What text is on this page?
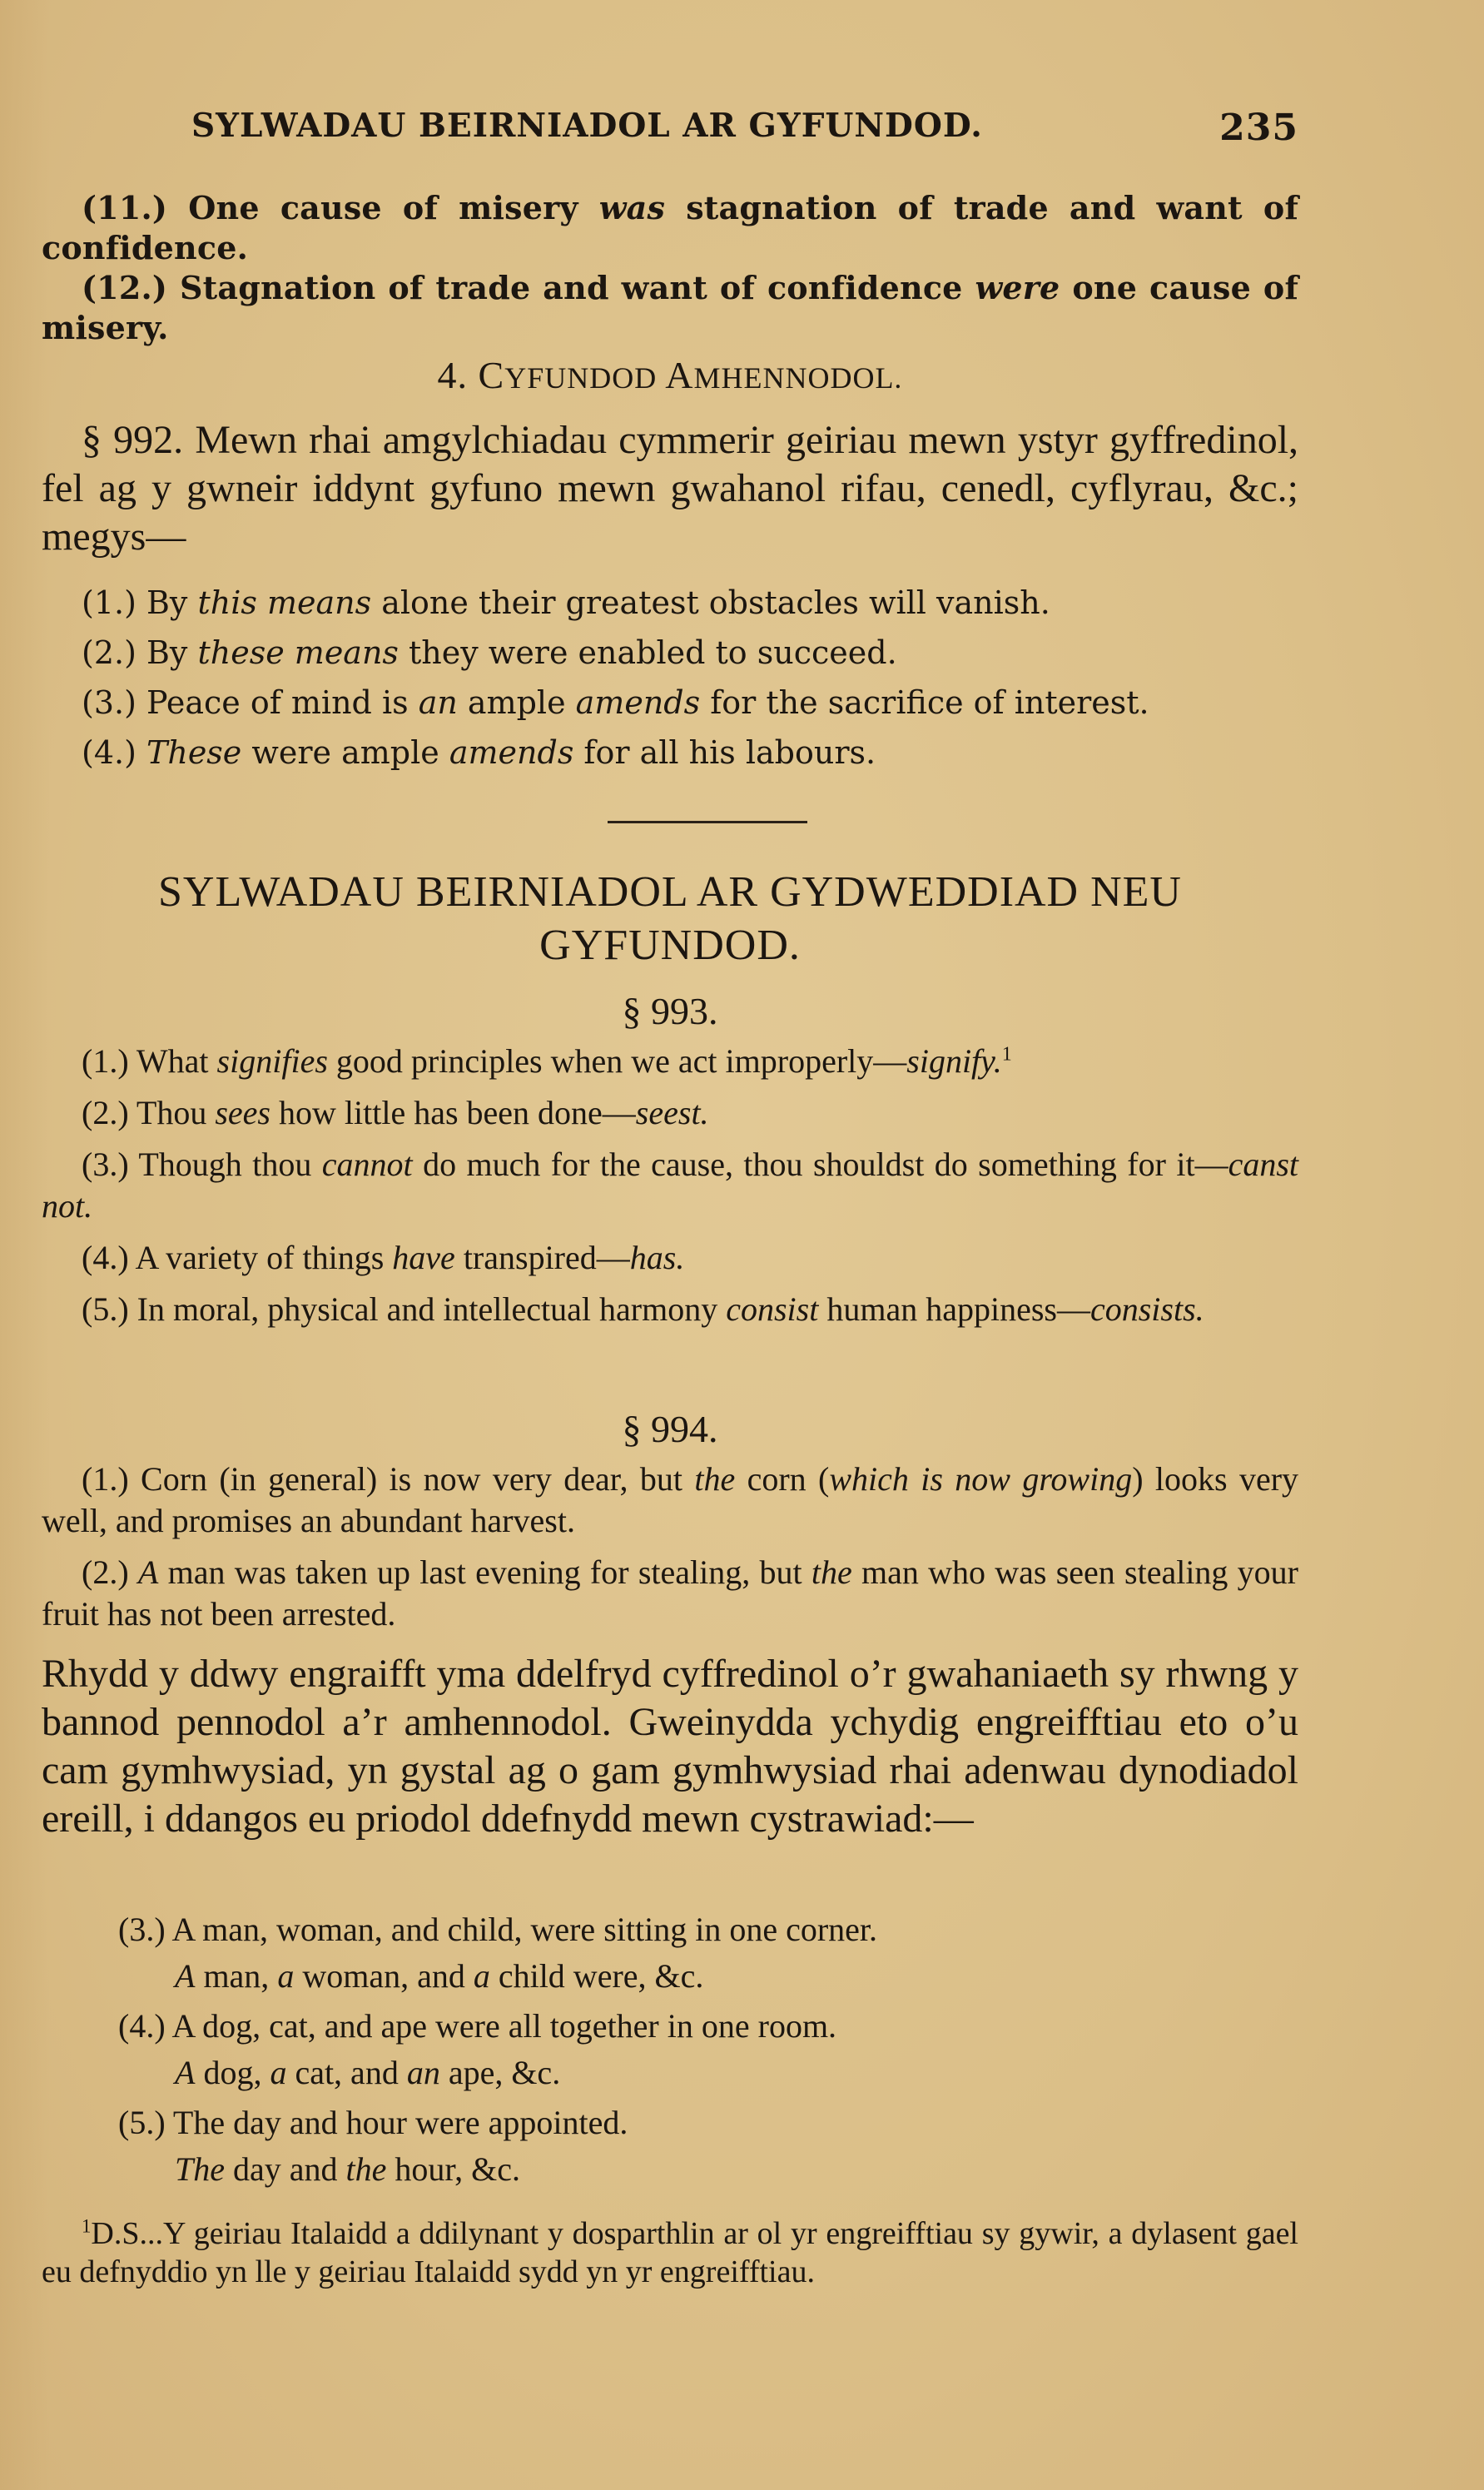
SYLWADAU BEIRNIADOL AR GYFUNDOD.	235
(11.) One cause of misery was stagnation of trade and want of confidence.
(12.) Stagnation of trade and want of confidence were one cause of misery.
4. CYFUNDOD AMHENNODOL.
§ 992. Mewn rhai amgylchiadau cymmerir geiriau mewn ystyr gyffredinol, fel ag y gwneir iddynt gyfuno mewn gwahanol rifau, cenedl, cyflyrau, &c.; megys—
(1.) By this means alone their greatest obstacles will vanish.
(2.) By these means they were enabled to succeed.
(3.) Peace of mind is an ample amends for the sacrifice of interest.
(4.) These were ample amends for all his labours.
SYLWADAU BEIRNIADOL AR GYDWEDDIAD NEU
GYFUNDOD.
§ 993.
(1.) What signifies good principles when we act improperly—signify.$^1$
(2.) Thou sees how little has been done—seest.
(3.) Though thou cannot do much for the cause, thou shouldst do something for it—canst not.
(4.) A variety of things have transpired—has.
(5.) In moral, physical and intellectual harmony consist human happiness—consists.
§ 994.
(1.) Corn (in general) is now very dear, but the corn (which is now growing) looks very well, and promises an abundant harvest.
(2.) A man was taken up last evening for stealing, but the man who was seen stealing your fruit has not been arrested.
Rhydd y ddwy engraifft yma ddelfryd cyffredinol o’r gwahaniaeth sy rhwng y bannod pennodol a’r amhennodol. Gweinydda ychydig engreifftiau eto o’u cam gymhwysiad, yn gystal ag o gam gymhwysiad rhai adenwau dynodiadol ereill, i ddangos eu priodol ddefnydd mewn cystrawiad:—
(3.) A man, woman, and child, were sitting in one corner.
A man, a woman, and a child were, &c.
(4.) A dog, cat, and ape were all together in one room.
A dog, a cat, and an ape, &c.
(5.) The day and hour were appointed.
The day and the hour, &c.
$^1$D.S...Y geiriau Italaidd a ddilynant y dosparthlin ar ol yr engreifftiau sy gywir, a dylasent gael eu defnyddio yn lle y geiriau Italaidd sydd yn yr engreifftiau.
